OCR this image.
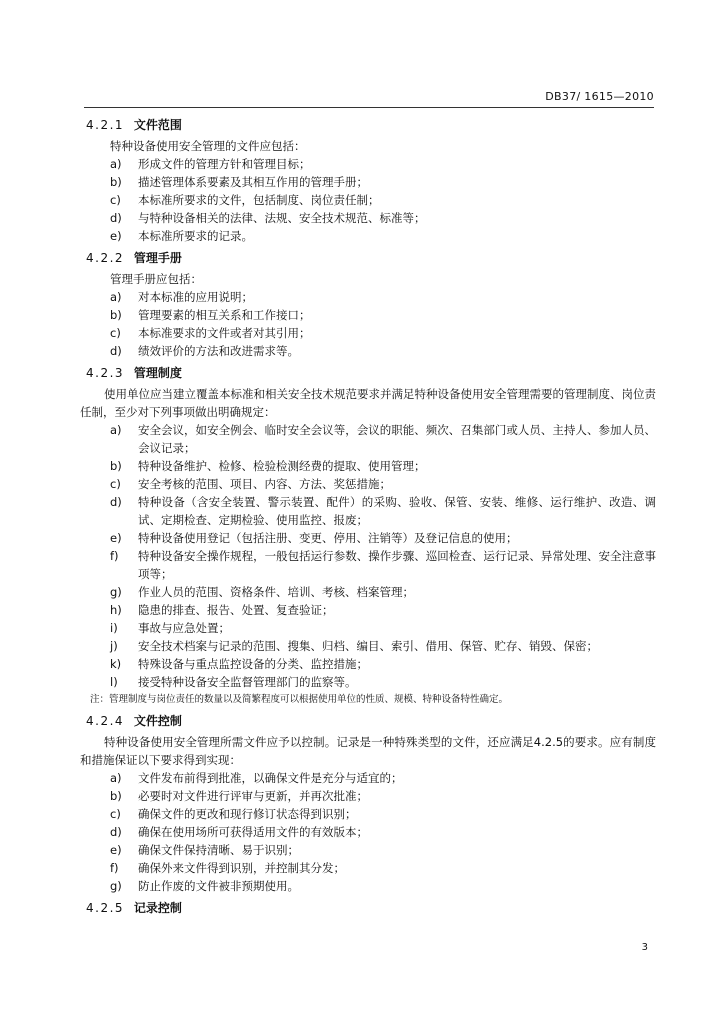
DB37/ 1615—2010
4.2.1 文件范围
特种设备使用安全管理的文件应包括：
a)	形成文件的管理方针和管理目标；
b)	描述管理体系要素及其相互作用的管理手册；
c)	本标准所要求的文件，包括制度、岗位责任制；
d)	与特种设备相关的法律、法规、安全技术规范、标准等；
e)	本标准所要求的记录。
4.2.2 管理手册
管理手册应包括：
a)	对本标准的应用说明；
b)	管理要素的相互关系和工作接口；
c)	本标准要求的文件或者对其引用；
d)	绩效评价的方法和改进需求等。
4.2.3 管理制度
使用单位应当建立覆盖本标准和相关安全技术规范要求并满足特种设备使用安全管理需要的管理制度、岗位责任制，至少对下列事项做出明确规定：
a)	安全会议，如安全例会、临时安全会议等，会议的职能、频次、召集部门或人员、主持人、参加人员、会议记录；
b)	特种设备维护、检修、检验检测经费的提取、使用管理；
c)	安全考核的范围、项目、内容、方法、奖惩措施；
d)	特种设备（含安全装置、警示装置、配件）的采购、验收、保管、安装、维修、运行维护、改造、调试、定期检查、定期检验、使用监控、报废；
e)	特种设备使用登记（包括注册、变更、停用、注销等）及登记信息的使用；
f)	特种设备安全操作规程，一般包括运行参数、操作步骤、巡回检查、运行记录、异常处理、安全注意事项等；
g)	作业人员的范围、资格条件、培训、考核、档案管理；
h)	隐患的排查、报告、处置、复查验证；
i)	事故与应急处置；
j)	安全技术档案与记录的范围、搜集、归档、编目、索引、借用、保管、贮存、销毁、保密；
k)	特殊设备与重点监控设备的分类、监控措施；
l)	接受特种设备安全监督管理部门的监察等。
注：管理制度与岗位责任的数量以及简繁程度可以根据使用单位的性质、规模、特种设备特性确定。
4.2.4 文件控制
特种设备使用安全管理所需文件应予以控制。记录是一种特殊类型的文件，还应满足4.2.5的要求。应有制度和措施保证以下要求得到实现：
a)	文件发布前得到批准，以确保文件是充分与适宜的；
b)	必要时对文件进行评审与更新，并再次批准；
c)	确保文件的更改和现行修订状态得到识别；
d)	确保在使用场所可获得适用文件的有效版本；
e)	确保文件保持清晰、易于识别；
f)	确保外来文件得到识别，并控制其分发；
g)	防止作废的文件被非预期使用。
4.2.5 记录控制
3
